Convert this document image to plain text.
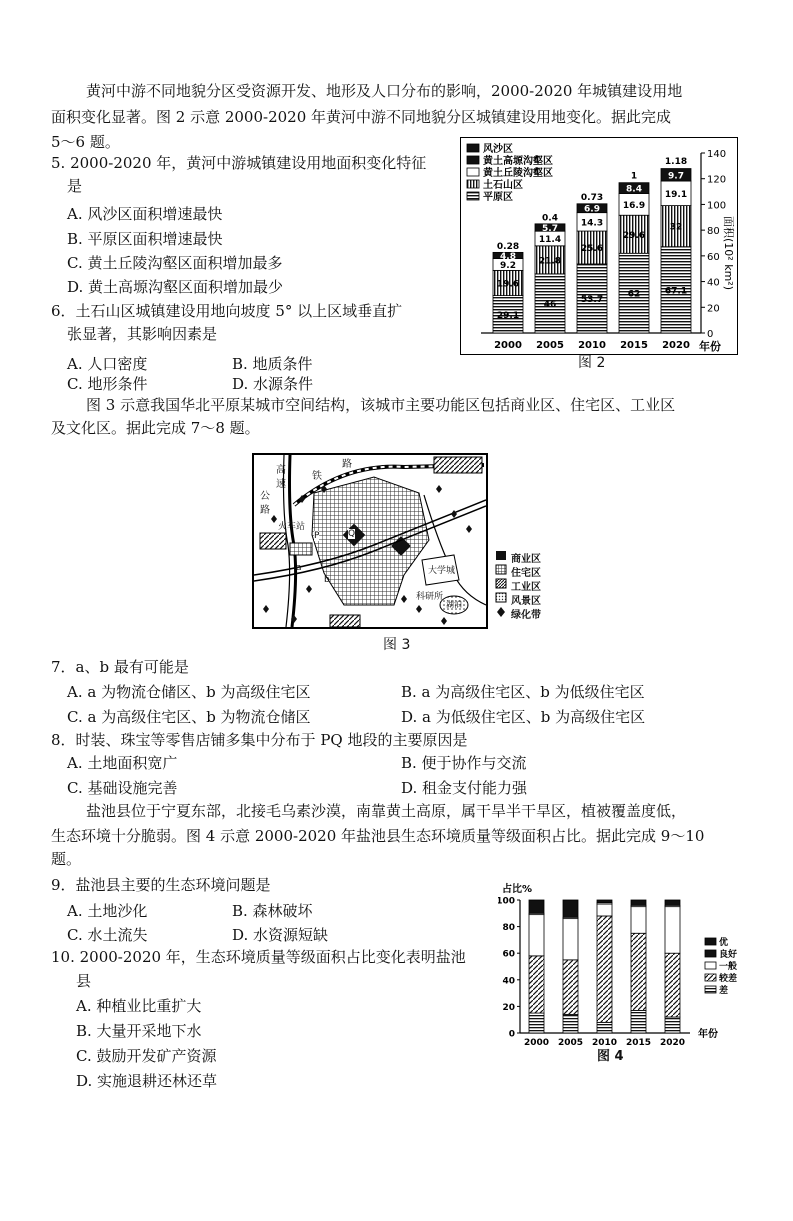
黄河中游不同地貌分区受资源开发、地形及人口分布的影响，2000-2020 年城镇建设用地
面积变化显著。图 2 示意 2000-2020 年黄河中游不同地貌分区城镇建设用地变化。据此完成
5～6 题。
5. 2000-2020 年，黄河中游城镇建设用地面积变化特征
是
A. 风沙区面积增速最快
B. 平原区面积增速最快
C. 黄土丘陵沟壑区面积增加最多
D. 黄土高塬沟壑区面积增加最少
6．土石山区城镇建设用地向坡度 5° 以上区域垂直扩
张显著，其影响因素是
A. 人口密度	B. 地质条件
C. 地形条件	D. 水源条件
风沙区
黄土高塬沟壑区
黄土丘陵沟壑区
土石山区
平原区
0
20
40
60
80
100
120
140
29.1
19.6
9.2
4.8
0.28
2000
46
21.8
11.4
5.7
0.4
2005
53.7
25.6
14.3
6.9
0.73
2010
62
29.6
16.9
8.4
1
2015
67.1
32
19.1
9.7
1.18
2020
面积(10² km²)
年份
图 2
图 3 示意我国华北平原某城市空间结构，该城市主要功能区包括商业区、住宅区、工业区
及文化区。据此完成 7～8 题。
高
速
公
路
铁
路
火车站
P	Q
a
b
大学城
科研所
湖泊
商业区
住宅区
工业区
风景区
绿化带
图 3
7．a、b 最有可能是
A. a 为物流仓储区、b 为高级住宅区	B. a 为高级住宅区、b 为低级住宅区
C. a 为高级住宅区、b 为物流仓储区	D. a 为低级住宅区、b 为高级住宅区
8．时装、珠宝等零售店铺多集中分布于 PQ 地段的主要原因是
A. 土地面积宽广	B. 便于协作与交流
C. 基础设施完善	D. 租金支付能力强
盐池县位于宁夏东部，北接毛乌素沙漠，南靠黄土高原，属干旱半干旱区，植被覆盖度低，
生态环境十分脆弱。图 4 示意 2000-2020 年盐池县生态环境质量等级面积占比。据此完成 9～10
题。
9．盐池县主要的生态环境问题是
A. 土地沙化	B. 森林破坏
C. 水土流失	D. 水资源短缺
10. 2000-2020 年，生态环境质量等级面积占比变化表明盐池
县
A. 种植业比重扩大
B. 大量开采地下水
C. 鼓励开发矿产资源
D. 实施退耕还林还草
0
20
40
60
80
100
2000 2005 2010 2015 2020
优
良好
一般
较差
差
占比%
年份
图 4
